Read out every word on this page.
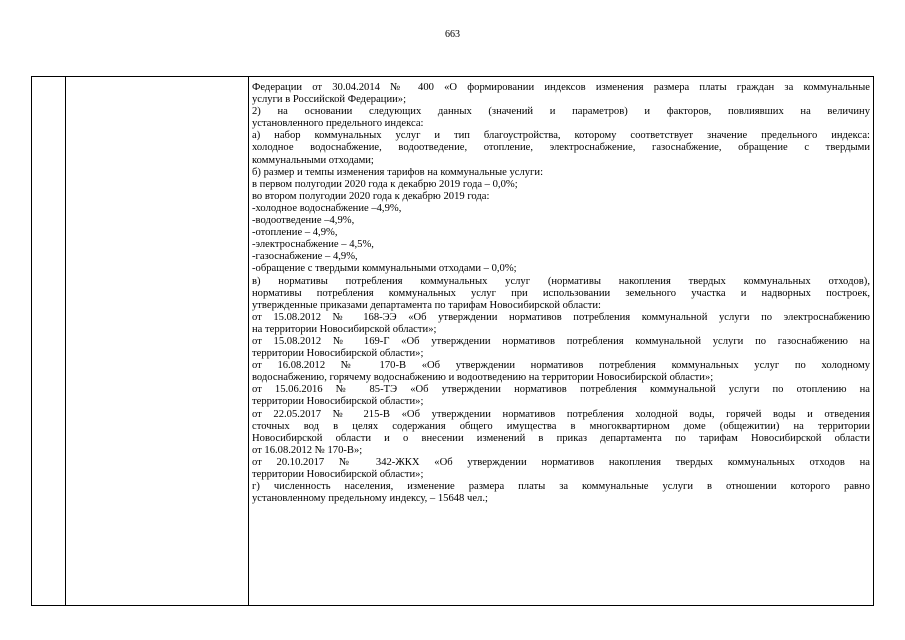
663
Федерации от 30.04.2014 № 400 «О формировании индексов изменения размера платы граждан за коммунальные
услуги в Российской Федерации»;
2) на основании следующих данных (значений и параметров) и факторов, повлиявших на величину
установленного предельного индекса:
а) набор коммунальных услуг и тип благоустройства, которому соответствует значение предельного индекса:
холодное водоснабжение, водоотведение, отопление, электроснабжение, газоснабжение, обращение с твердыми
коммунальными отходами;
б) размер и темпы изменения тарифов на коммунальные услуги:
в первом полугодии 2020 года к декабрю 2019 года – 0,0%;
во втором полугодии 2020 года к декабрю 2019 года:
-холодное водоснабжение –4,9%,
-водоотведение –4,9%,
-отопление – 4,9%,
-электроснабжение – 4,5%,
-газоснабжение – 4,9%,
-обращение с твердыми коммунальными отходами – 0,0%;
в) нормативы потребления коммунальных услуг (нормативы накопления твердых коммунальных отходов),
нормативы потребления коммунальных услуг при использовании земельного участка и надворных построек,
утвержденные приказами департамента по тарифам Новосибирской области:
от 15.08.2012 № 168-ЭЭ «Об утверждении нормативов потребления коммунальной услуги по электроснабжению
на территории Новосибирской области»;
от 15.08.2012 № 169-Г «Об утверждении нормативов потребления коммунальной услуги по газоснабжению на
территории Новосибирской области»;
от 16.08.2012 № 170-В «Об утверждении нормативов потребления коммунальных услуг по холодному
водоснабжению, горячему водоснабжению и водоотведению на территории Новосибирской области»;
от 15.06.2016 № 85-ТЭ «Об утверждении нормативов потребления коммунальной услуги по отоплению на
территории Новосибирской области»;
от 22.05.2017 № 215-В «Об утверждении нормативов потребления холодной воды, горячей воды и отведения
сточных вод в целях содержания общего имущества в многоквартирном доме (общежитии) на территории
Новосибирской области и о внесении изменений в приказ департамента по тарифам Новосибирской области
от 16.08.2012 № 170-В»;
от 20.10.2017 № 342-ЖКХ «Об утверждении нормативов накопления твердых коммунальных отходов на
территории Новосибирской области»;
г) численность населения, изменение размера платы за коммунальные услуги в отношении которого равно
установленному предельному индексу, – 15648 чел.;
